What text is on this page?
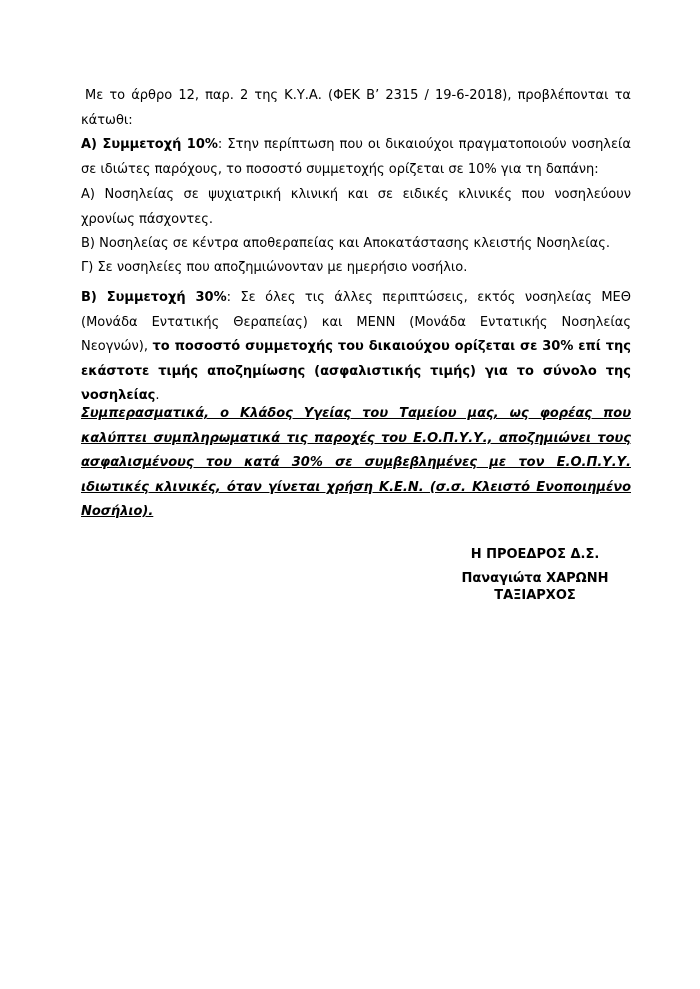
Με το άρθρο 12, παρ. 2 της Κ.Υ.Α. (ΦΕΚ Β’ 2315 / 19-6-2018), προβλέπονται τα κάτωθι:

Α) Συμμετοχή 10%: Στην περίπτωση που οι δικαιούχοι πραγματοποιούν νοσηλεία σε ιδιώτες παρόχους, το ποσοστό συμμετοχής ορίζεται σε 10% για τη δαπάνη:

Α) Νοσηλείας σε ψυχιατρική κλινική και σε ειδικές κλινικές που νοσηλεύουν χρονίως πάσχοντες.

Β) Νοσηλείας σε κέντρα αποθεραπείας και Αποκατάστασης κλειστής Νοσηλείας.

Γ) Σε νοσηλείες που αποζημιώνονταν με ημερήσιο νοσήλιο.

Β) Συμμετοχή 30%: Σε όλες τις άλλες περιπτώσεις, εκτός νοσηλείας ΜΕΘ (Μονάδα Εντατικής Θεραπείας) και ΜΕΝΝ (Μονάδα Εντατικής Νοσηλείας Νεογνών), το ποσοστό συμμετοχής του δικαιούχου ορίζεται σε 30% επί της εκάστοτε τιμής αποζημίωσης (ασφαλιστικής τιμής) για το σύνολο της νοσηλείας.

Συμπερασματικά, ο Κλάδος Υγείας του Ταμείου μας, ως φορέας που καλύπτει συμπληρωματικά τις παροχές του Ε.Ο.Π.Υ.Υ., αποζημιώνει τους ασφαλισμένους του κατά 30% σε συμβεβλημένες με τον Ε.Ο.Π.Υ.Υ. ιδιωτικές κλινικές, όταν γίνεται χρήση Κ.Ε.Ν. (σ.σ. Κλειστό Ενοποιημένο Νοσήλιο).

Η ΠΡΟΕΔΡΟΣ Δ.Σ.
Παναγιώτα ΧΑΡΩΝΗ
ΤΑΞΙΑΡΧΟΣ
